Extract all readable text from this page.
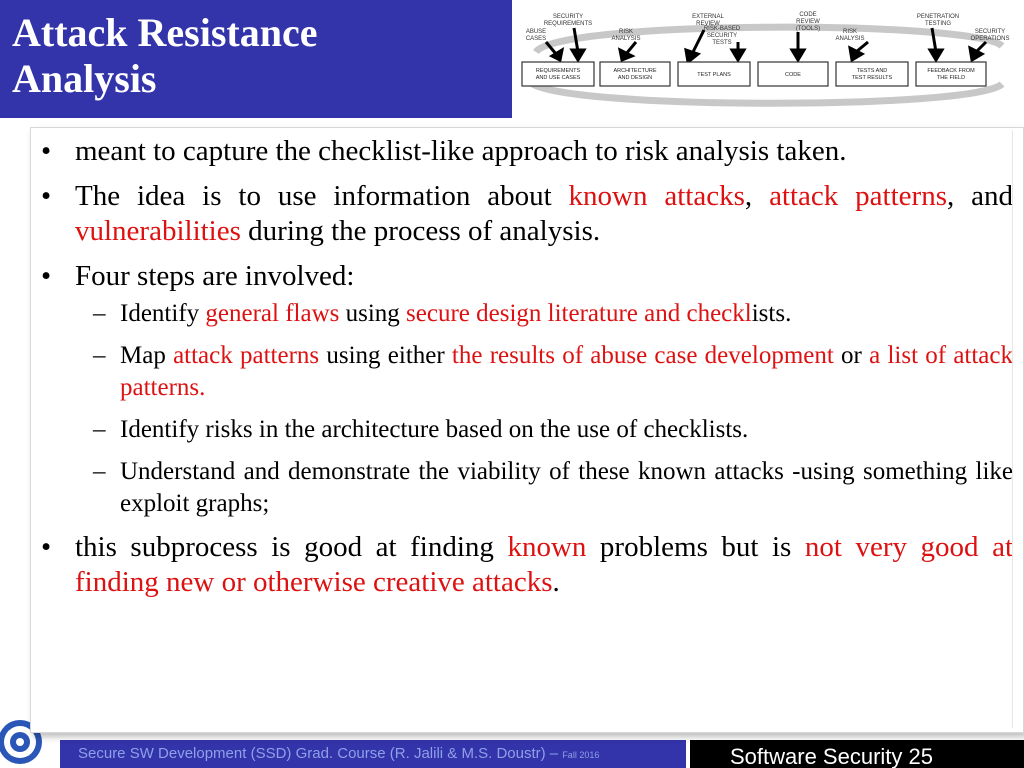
Attack Resistance
Analysis
SECURITY
REQUIREMENTS
EXTERNAL
REVIEW
CODE
REVIEW
(TOOLS)
PENETRATION
TESTING
ABUSE
CASES
RISK
ANALYSIS
RISK-BASED
SECURITY
TESTS
RISK
ANALYSIS
SECURITY
OPERATIONS
REQUIREMENTS
AND USE CASES
ARCHITECTURE
AND DESIGN	TEST PLANS	CODE
TESTS AND
TEST RESULTS
FEEDBACK FROM
THE FIELD
Secure SW Development (SSD) Grad. Course (R. Jalili & M.S. Doustr) – Fall 2016	Software Security 25
• meant to capture the checklist-like approach to risk analysis taken.
• The idea is to use information about known attacks, attack patterns, and vulnerabilities during the process of analysis.
• Four steps are involved:
– Identify general flaws using secure design literature and checklists.
– Map attack patterns using either the results of abuse case development or a list of attack patterns.
– Identify risks in the architecture based on the use of checklists.
– Understand and demonstrate the viability of these known attacks -using something like exploit graphs;
• this subprocess is good at finding known problems but is not very good at finding new or otherwise creative attacks.
